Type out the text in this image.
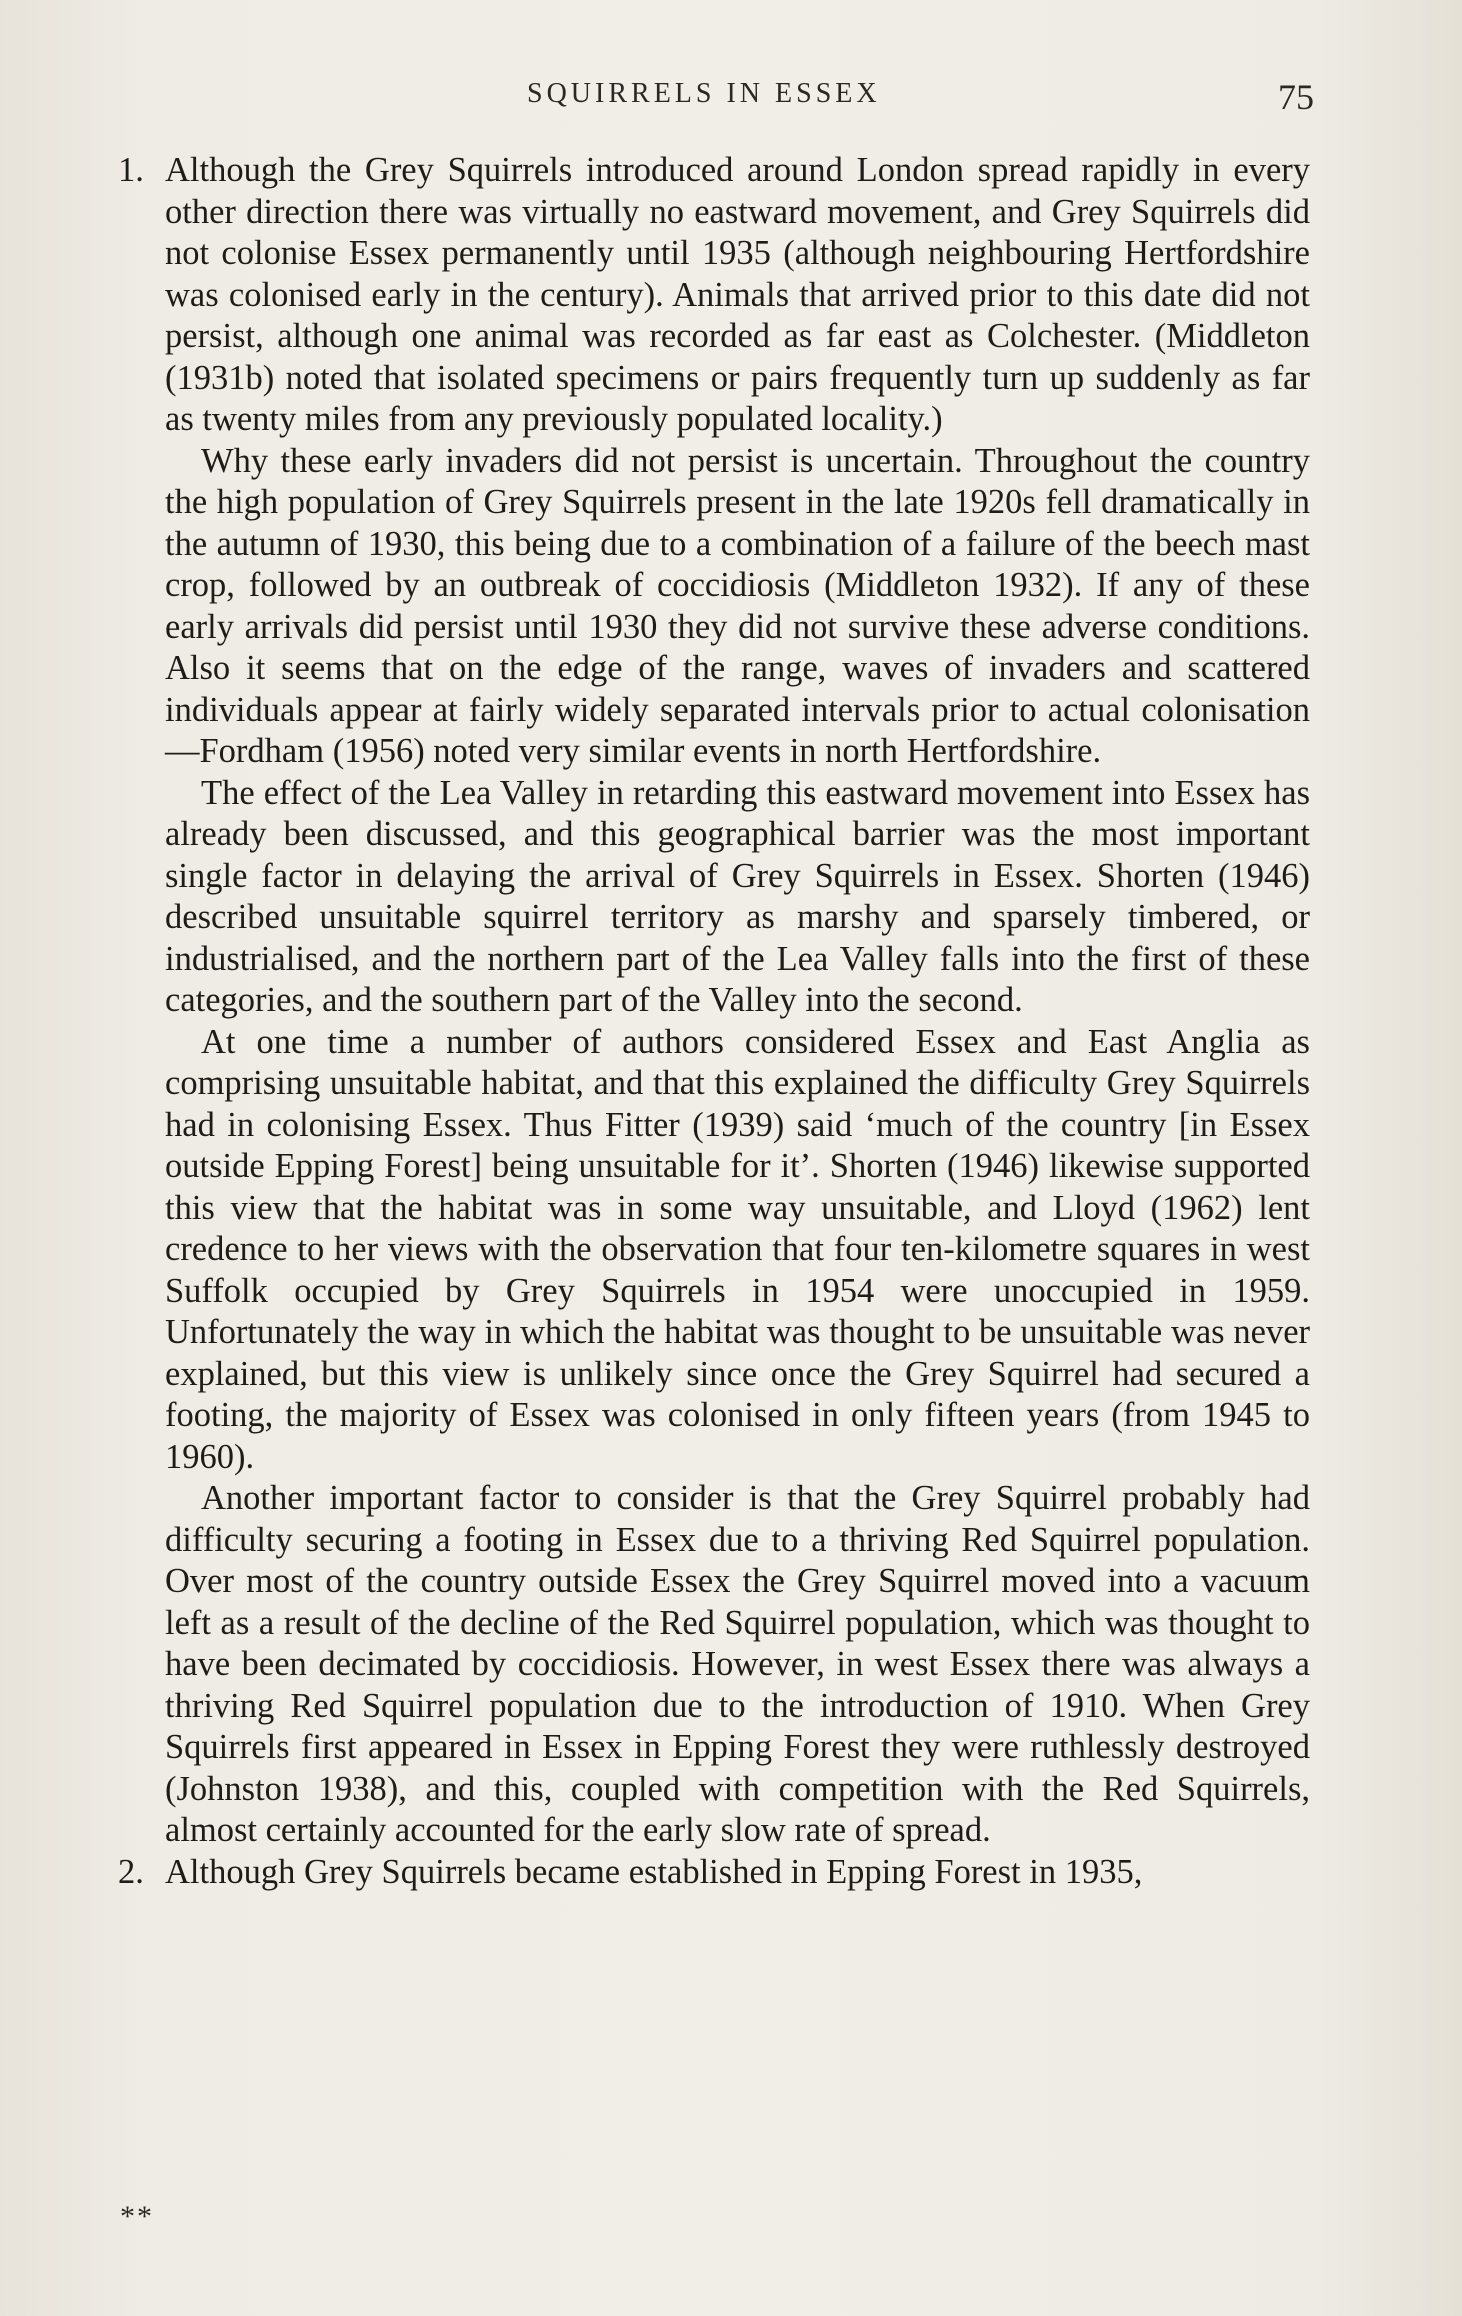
SQUIRRELS IN ESSEX	75

1. Although the Grey Squirrels introduced around London spread rapidly in every other direction there was virtually no eastward movement, and Grey Squirrels did not colonise Essex permanently until 1935 (although neighbouring Hertfordshire was colonised early in the century). Animals that arrived prior to this date did not persist, although one animal was recorded as far east as Colchester. (Middleton (1931b) noted that isolated specimens or pairs frequently turn up suddenly as far as twenty miles from any previously populated locality.)

Why these early invaders did not persist is uncertain. Throughout the country the high population of Grey Squirrels present in the late 1920s fell dramatically in the autumn of 1930, this being due to a combination of a failure of the beech mast crop, followed by an outbreak of coccidiosis (Middleton 1932). If any of these early arrivals did persist until 1930 they did not survive these adverse conditions. Also it seems that on the edge of the range, waves of invaders and scattered individuals appear at fairly widely separated intervals prior to actual colonisation—Fordham (1956) noted very similar events in north Hertfordshire.

The effect of the Lea Valley in retarding this eastward movement into Essex has already been discussed, and this geographical barrier was the most important single factor in delaying the arrival of Grey Squirrels in Essex. Shorten (1946) described unsuitable squirrel territory as marshy and sparsely timbered, or industrialised, and the northern part of the Lea Valley falls into the first of these categories, and the southern part of the Valley into the second.

At one time a number of authors considered Essex and East Anglia as comprising unsuitable habitat, and that this explained the difficulty Grey Squirrels had in colonising Essex. Thus Fitter (1939) said ‘much of the country [in Essex outside Epping Forest] being unsuitable for it’. Shorten (1946) likewise supported this view that the habitat was in some way unsuitable, and Lloyd (1962) lent credence to her views with the observation that four ten-kilometre squares in west Suffolk occupied by Grey Squirrels in 1954 were unoccupied in 1959. Unfortunately the way in which the habitat was thought to be unsuitable was never explained, but this view is unlikely since once the Grey Squirrel had secured a footing, the majority of Essex was colonised in only fifteen years (from 1945 to 1960).

Another important factor to consider is that the Grey Squirrel probably had difficulty securing a footing in Essex due to a thriving Red Squirrel population. Over most of the country outside Essex the Grey Squirrel moved into a vacuum left as a result of the decline of the Red Squirrel population, which was thought to have been decimated by coccidiosis. However, in west Essex there was always a thriving Red Squirrel population due to the introduction of 1910. When Grey Squirrels first appeared in Essex in Epping Forest they were ruthlessly destroyed (Johnston 1938), and this, coupled with competition with the Red Squirrels, almost certainly accounted for the early slow rate of spread.

2. Although Grey Squirrels became established in Epping Forest in 1935,

**
